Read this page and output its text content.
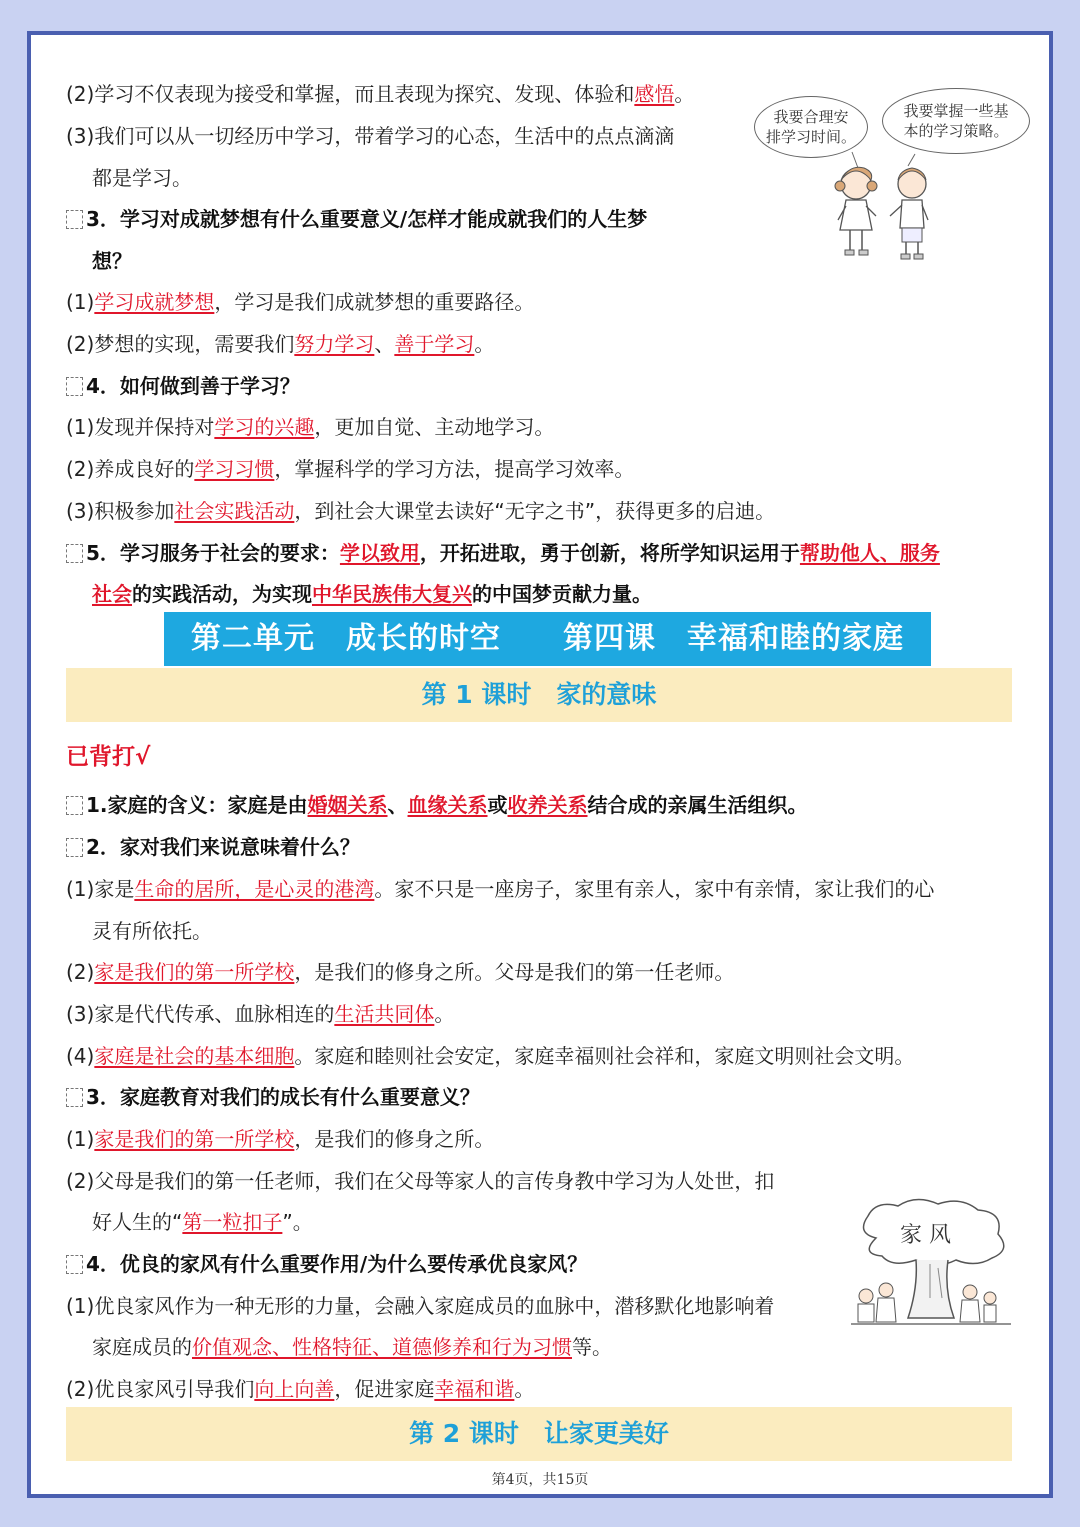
(2)学习不仅表现为接受和掌握，而且表现为探究、发现、体验和感悟。
(3)我们可以从一切经历中学习，带着学习的心态，生活中的点点滴滴
都是学习。
3．学习对成就梦想有什么重要意义/怎样才能成就我们的人生梦
想？
(1)学习成就梦想，学习是我们成就梦想的重要路径。
(2)梦想的实现，需要我们努力学习、善于学习。
4．如何做到善于学习？
(1)发现并保持对学习的兴趣，更加自觉、主动地学习。
(2)养成良好的学习习惯，掌握科学的学习方法，提高学习效率。
(3)积极参加社会实践活动，到社会大课堂去读好“无字之书”，获得更多的启迪。
5．学习服务于社会的要求：学以致用，开拓进取，勇于创新，将所学知识运用于帮助他人、服务
社会的实践活动，为实现中华民族伟大复兴的中国梦贡献力量。
第二单元　成长的时空　　第四课　幸福和睦的家庭
第 1 课时　家的意味
已背打√
1.家庭的含义：家庭是由婚姻关系、血缘关系或收养关系结合成的亲属生活组织。
2．家对我们来说意味着什么？
(1)家是生命的居所，是心灵的港湾。家不只是一座房子，家里有亲人，家中有亲情，家让我们的心
灵有所依托。
(2)家是我们的第一所学校，是我们的修身之所。父母是我们的第一任老师。
(3)家是代代传承、血脉相连的生活共同体。
(4)家庭是社会的基本细胞。家庭和睦则社会安定，家庭幸福则社会祥和，家庭文明则社会文明。
3．家庭教育对我们的成长有什么重要意义？
(1)家是我们的第一所学校，是我们的修身之所。
(2)父母是我们的第一任老师，我们在父母等家人的言传身教中学习为人处世，扣
好人生的“第一粒扣子”。
4．优良的家风有什么重要作用/为什么要传承优良家风？
(1)优良家风作为一种无形的力量，会融入家庭成员的血脉中，潜移默化地影响着
家庭成员的价值观念、性格特征、道德修养和行为习惯等。
(2)优良家风引导我们向上向善，促进家庭幸福和谐。
第 2 课时　让家更美好
我要合理安
排学习时间。
我要掌握一些基
本的学习策略。
家 风
第4页，共15页
